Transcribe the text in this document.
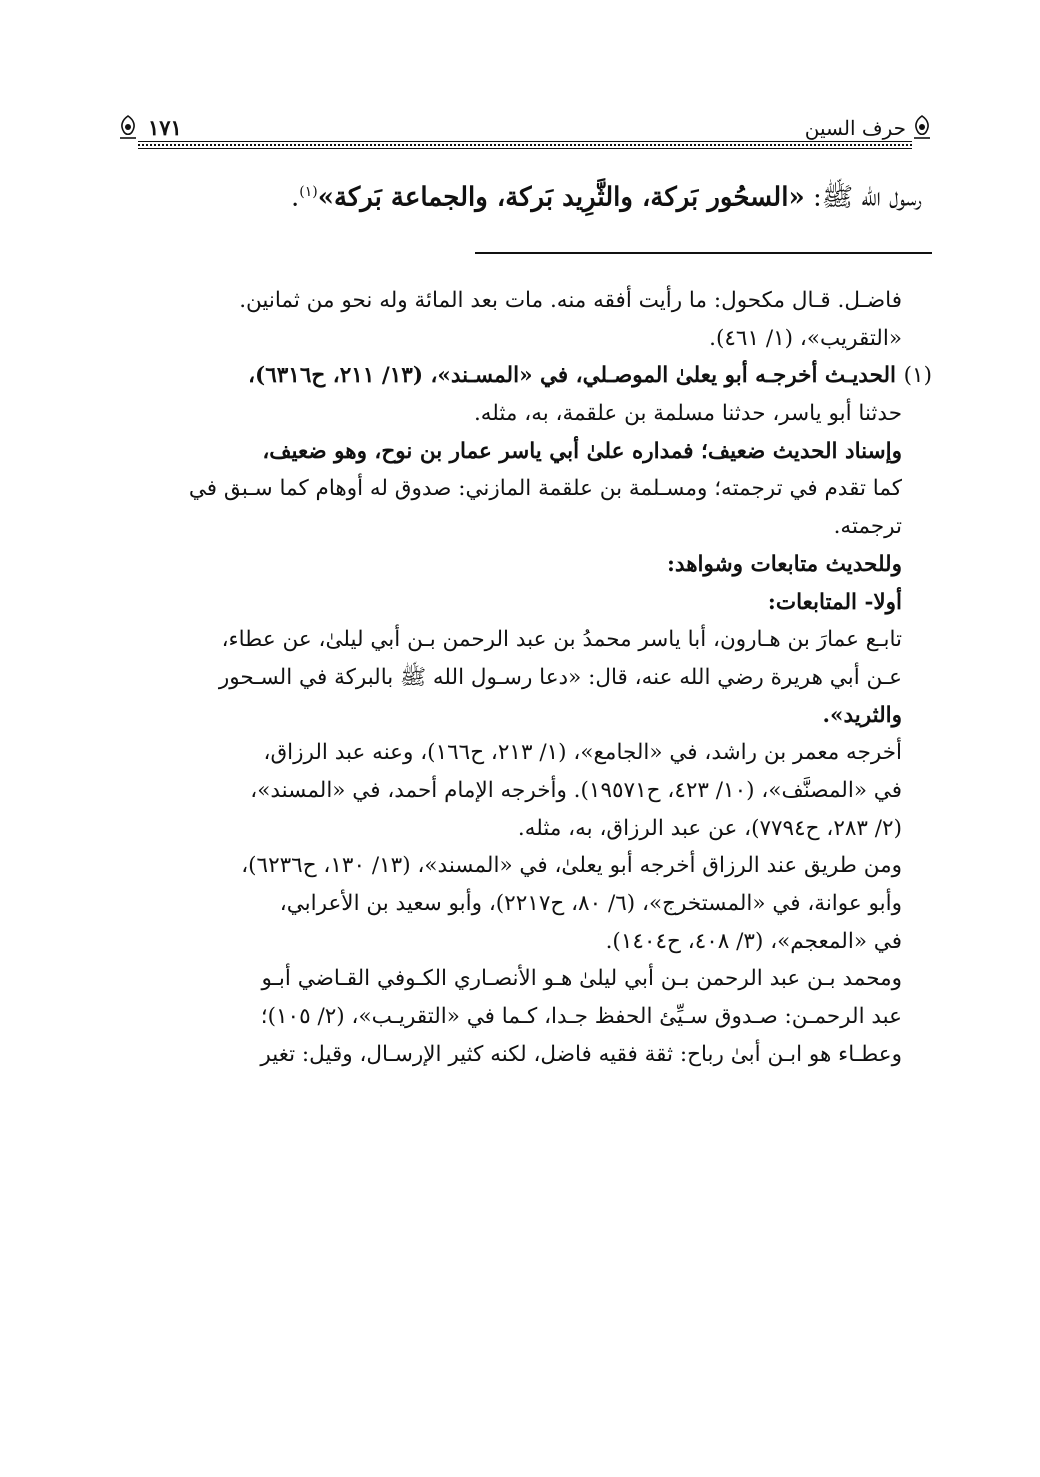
حرف السين
١٧١
رسول الله ﷺ: «السحُور بَركة، والثَّرِيد بَركة، والجماعة بَركة»$^{(١)}$.
فاضـل. قـال مكحول: ما رأيت أفقه منه. مات بعد المائة وله نحو من ثمانين.
«التقريب»، (١/ ٤٦١).
(١)الحديـث أخرجـه أبو يعلىٰ الموصـلي، في «المسـند»، (١٣/ ٢١١، ح٦٣١٦)،
حدثنا أبو ياسر، حدثنا مسلمة بن علقمة، به، مثله.
وإسناد الحديث ضعيف؛ فمداره علىٰ أبي ياسر عمار بن نوح، وهو ضعيف،
كما تقدم في ترجمته؛ ومسـلمة بن علقمة المازني: صدوق له أوهام كما سـبق في
ترجمته.
وللحديث متابعات وشواهد:
أولا- المتابعات:
تابـع عمارَ بن هـارون، أبا ياسر محمدُ بن عبد الرحمن بـن أبي ليلىٰ، عن عطاء،
عـن أبي هريرة رضي الله عنه، قال: «دعا رسـول الله ﷺ بالبركة في السـحور
والثريد».
أخرجه معمر بن راشد، في «الجامع»، (١/ ٢١٣، ح١٦٦)، وعنه عبد الرزاق،
في «المصنَّف»، (١٠/ ٤٢٣، ح١٩٥٧١). وأخرجه الإمام أحمد، في «المسند»،
(٢/ ٢٨٣، ح٧٧٩٤)، عن عبد الرزاق، به، مثله.
ومن طريق عند الرزاق أخرجه أبو يعلىٰ، في «المسند»، (١٣/ ١٣٠، ح٦٢٣٦)،
وأبو عوانة، في «المستخرج»، (٦/ ٨٠، ح٢٢١٧)، وأبو سعيد بن الأعرابي،
في «المعجم»، (٣/ ٤٠٨، ح١٤٠٤).
ومحمد بـن عبد الرحمن بـن أبي ليلىٰ هـو الأنصـاري الكـوفي القـاضي أبـو
عبد الرحمـن: صـدوق سـيِّئ الحفظ جـدا، كـما في «التقريـب»، (٢/ ١٠٥)؛
وعطـاء هو ابـن أبىٰ رباح: ثقة فقيه فاضل، لكنه كثير الإرسـال، وقيل: تغير
